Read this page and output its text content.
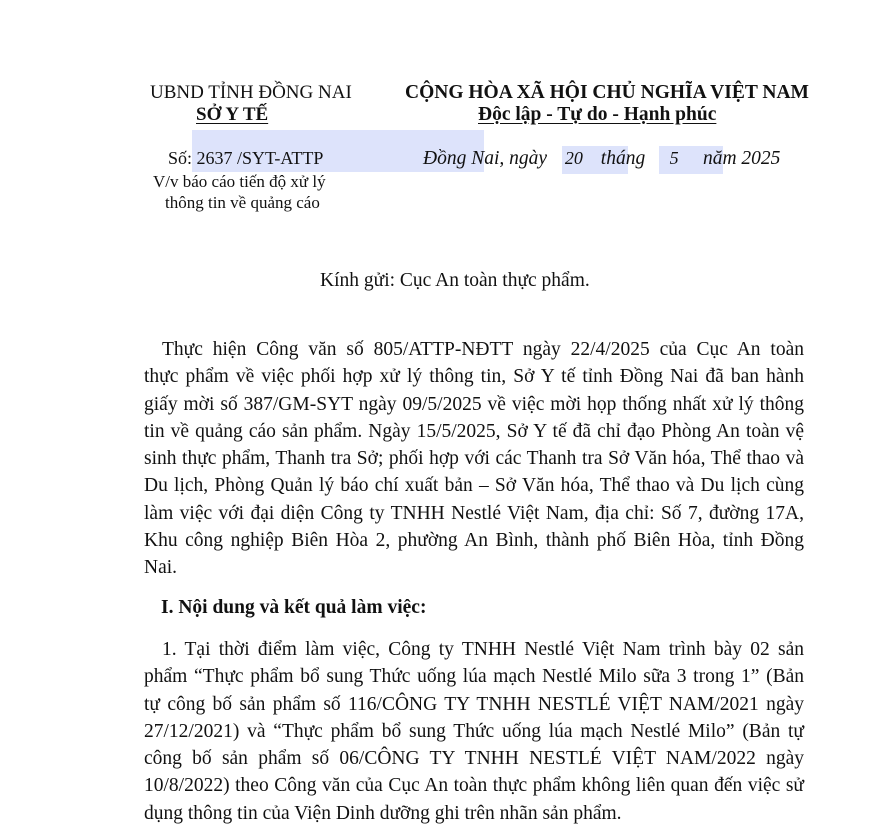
UBND TỈNH ĐỒNG NAI
SỞ Y TẾ
CỘNG HÒA XÃ HỘI CHỦ NGHĨA VIỆT NAM
Độc lập - Tự do - Hạnh phúc
Số: 2637 /SYT-ATTP
V/v báo cáo tiến độ xử lý
thông tin về quảng cáo
Đồng Nai, ngày 20 tháng 5 năm 2025
Kính gửi: Cục An toàn thực phẩm.
Thực hiện Công văn số 805/ATTP-NĐTT ngày 22/4/2025 của Cục An toàn
thực phẩm về việc phối hợp xử lý thông tin, Sở Y tế tỉnh Đồng Nai đã ban hành
giấy mời số 387/GM-SYT ngày 09/5/2025 về việc mời họp thống nhất xử lý thông
tin về quảng cáo sản phẩm. Ngày 15/5/2025, Sở Y tế đã chỉ đạo Phòng An toàn vệ
sinh thực phẩm, Thanh tra Sở; phối hợp với các Thanh tra Sở Văn hóa, Thể thao và
Du lịch, Phòng Quản lý báo chí xuất bản – Sở Văn hóa, Thể thao và Du lịch cùng
làm việc với đại diện Công ty TNHH Nestlé Việt Nam, địa chỉ: Số 7, đường 17A,
Khu công nghiệp Biên Hòa 2, phường An Bình, thành phố Biên Hòa, tỉnh Đồng
Nai.
I. Nội dung và kết quả làm việc:
1. Tại thời điểm làm việc, Công ty TNHH Nestlé Việt Nam trình bày 02 sản
phẩm “Thực phẩm bổ sung Thức uống lúa mạch Nestlé Milo sữa 3 trong 1” (Bản
tự công bố sản phẩm số 116/CÔNG TY TNHH NESTLÉ VIỆT NAM/2021 ngày
27/12/2021) và “Thực phẩm bổ sung Thức uống lúa mạch Nestlé Milo” (Bản tự
công bố sản phẩm số 06/CÔNG TY TNHH NESTLÉ VIỆT NAM/2022 ngày
10/8/2022) theo Công văn của Cục An toàn thực phẩm không liên quan đến việc sử
dụng thông tin của Viện Dinh dưỡng ghi trên nhãn sản phẩm.
